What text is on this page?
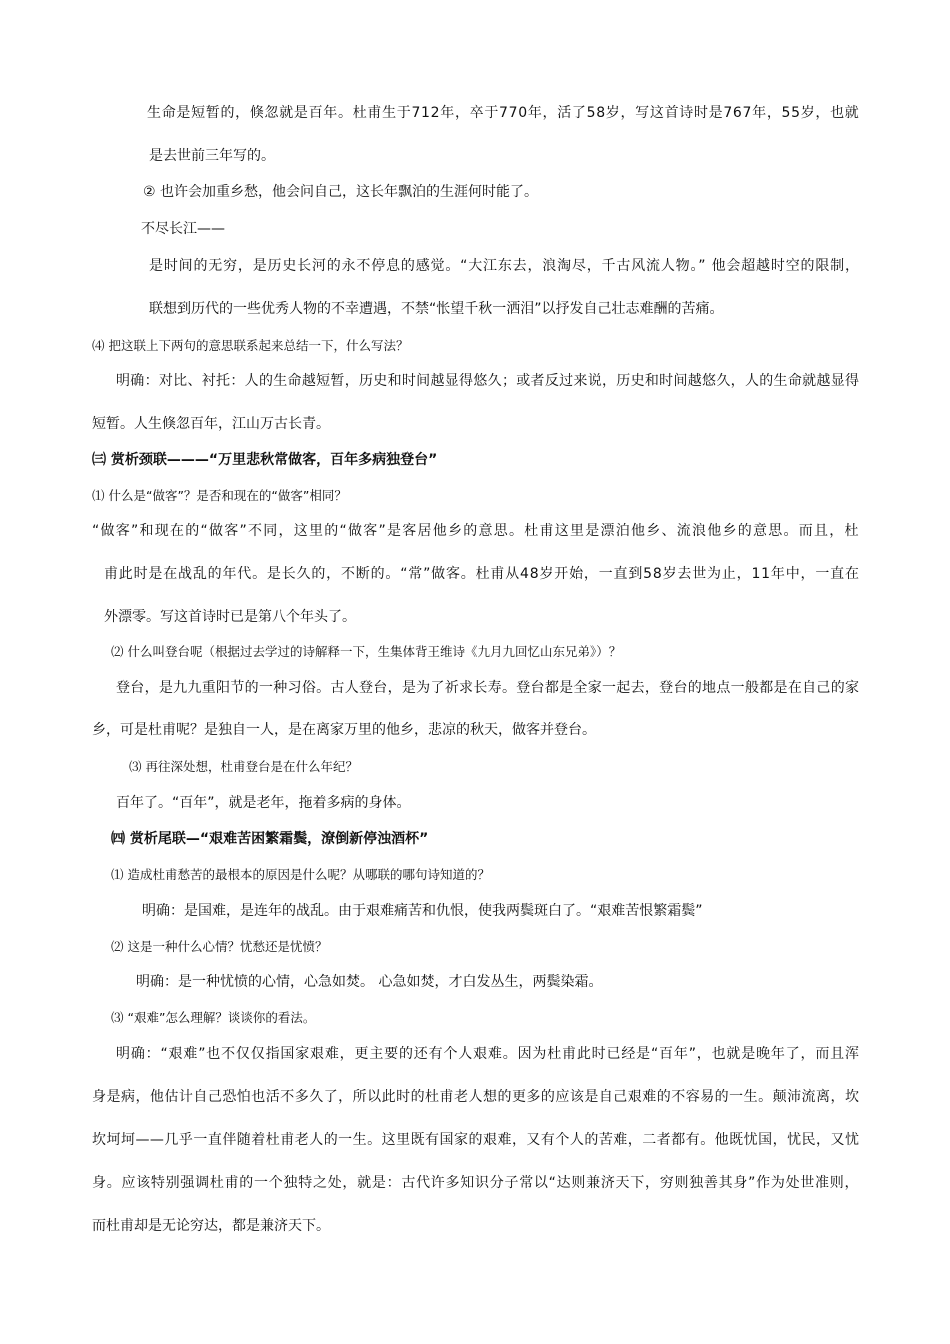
生命是短暂的，倏忽就是百年。杜甫生于712年，卒于770年，活了58岁，写这首诗时是767年，55岁，也就
是去世前三年写的。
② 也许会加重乡愁，他会问自己，这长年飘泊的生涯何时能了。
不尽长江——
是时间的无穷，是历史长河的永不停息的感觉。“大江东去，浪淘尽，千古风流人物。” 他会超越时空的限制，
联想到历代的一些优秀人物的不幸遭遇，不禁“怅望千秋一洒泪”以抒发自己壮志难酬的苦痛。
⑷ 把这联上下两句的意思联系起来总结一下，什么写法？
明确：对比、衬托：人的生命越短暂，历史和时间越显得悠久；或者反过来说，历史和时间越悠久，人的生命就越显得
短暂。人生倏忽百年，江山万古长青。
㈢ 赏析颈联———“万里悲秋常做客，百年多病独登台”
⑴ 什么是“做客”？是否和现在的“做客”相同？
“做客”和现在的“做客”不同，这里的“做客”是客居他乡的意思。杜甫这里是漂泊他乡、流浪他乡的意思。而且，杜
甫此时是在战乱的年代。是长久的，不断的。“常”做客。杜甫从48岁开始，一直到58岁去世为止，11年中，一直在
外漂零。写这首诗时已是第八个年头了。
⑵ 什么叫登台呢（根据过去学过的诗解释一下，生集体背王维诗《九月九回忆山东兄弟》）？
登台，是九九重阳节的一种习俗。古人登台，是为了祈求长寿。登台都是全家一起去，登台的地点一般都是在自己的家
乡，可是杜甫呢？是独自一人，是在离家万里的他乡，悲凉的秋天，做客并登台。
⑶ 再往深处想，杜甫登台是在什么年纪？
百年了。“百年”，就是老年，拖着多病的身体。
㈣ 赏析尾联—“艰难苦困繁霜鬓，潦倒新停浊酒杯”
⑴ 造成杜甫愁苦的最根本的原因是什么呢？从哪联的哪句诗知道的？
明确：是国难，是连年的战乱。由于艰难痛苦和仇恨，使我两鬓斑白了。“艰难苦恨繁霜鬓”
⑵ 这是一种什么心情？忧愁还是忧愤？
明确：是一种忧愤的心情，心急如焚。 心急如焚，才白发丛生，两鬓染霜。
⑶ “艰难”怎么理解？谈谈你的看法。
明确：“艰难”也不仅仅指国家艰难，更主要的还有个人艰难。因为杜甫此时已经是“百年”，也就是晚年了，而且浑
身是病，他估计自己恐怕也活不多久了，所以此时的杜甫老人想的更多的应该是自己艰难的不容易的一生。颠沛流离，坎
坎坷坷——几乎一直伴随着杜甫老人的一生。这里既有国家的艰难，又有个人的苦难，二者都有。他既忧国，忧民，又忧
身。应该特别强调杜甫的一个独特之处，就是：古代许多知识分子常以“达则兼济天下，穷则独善其身”作为处世准则，
而杜甫却是无论穷达，都是兼济天下。
